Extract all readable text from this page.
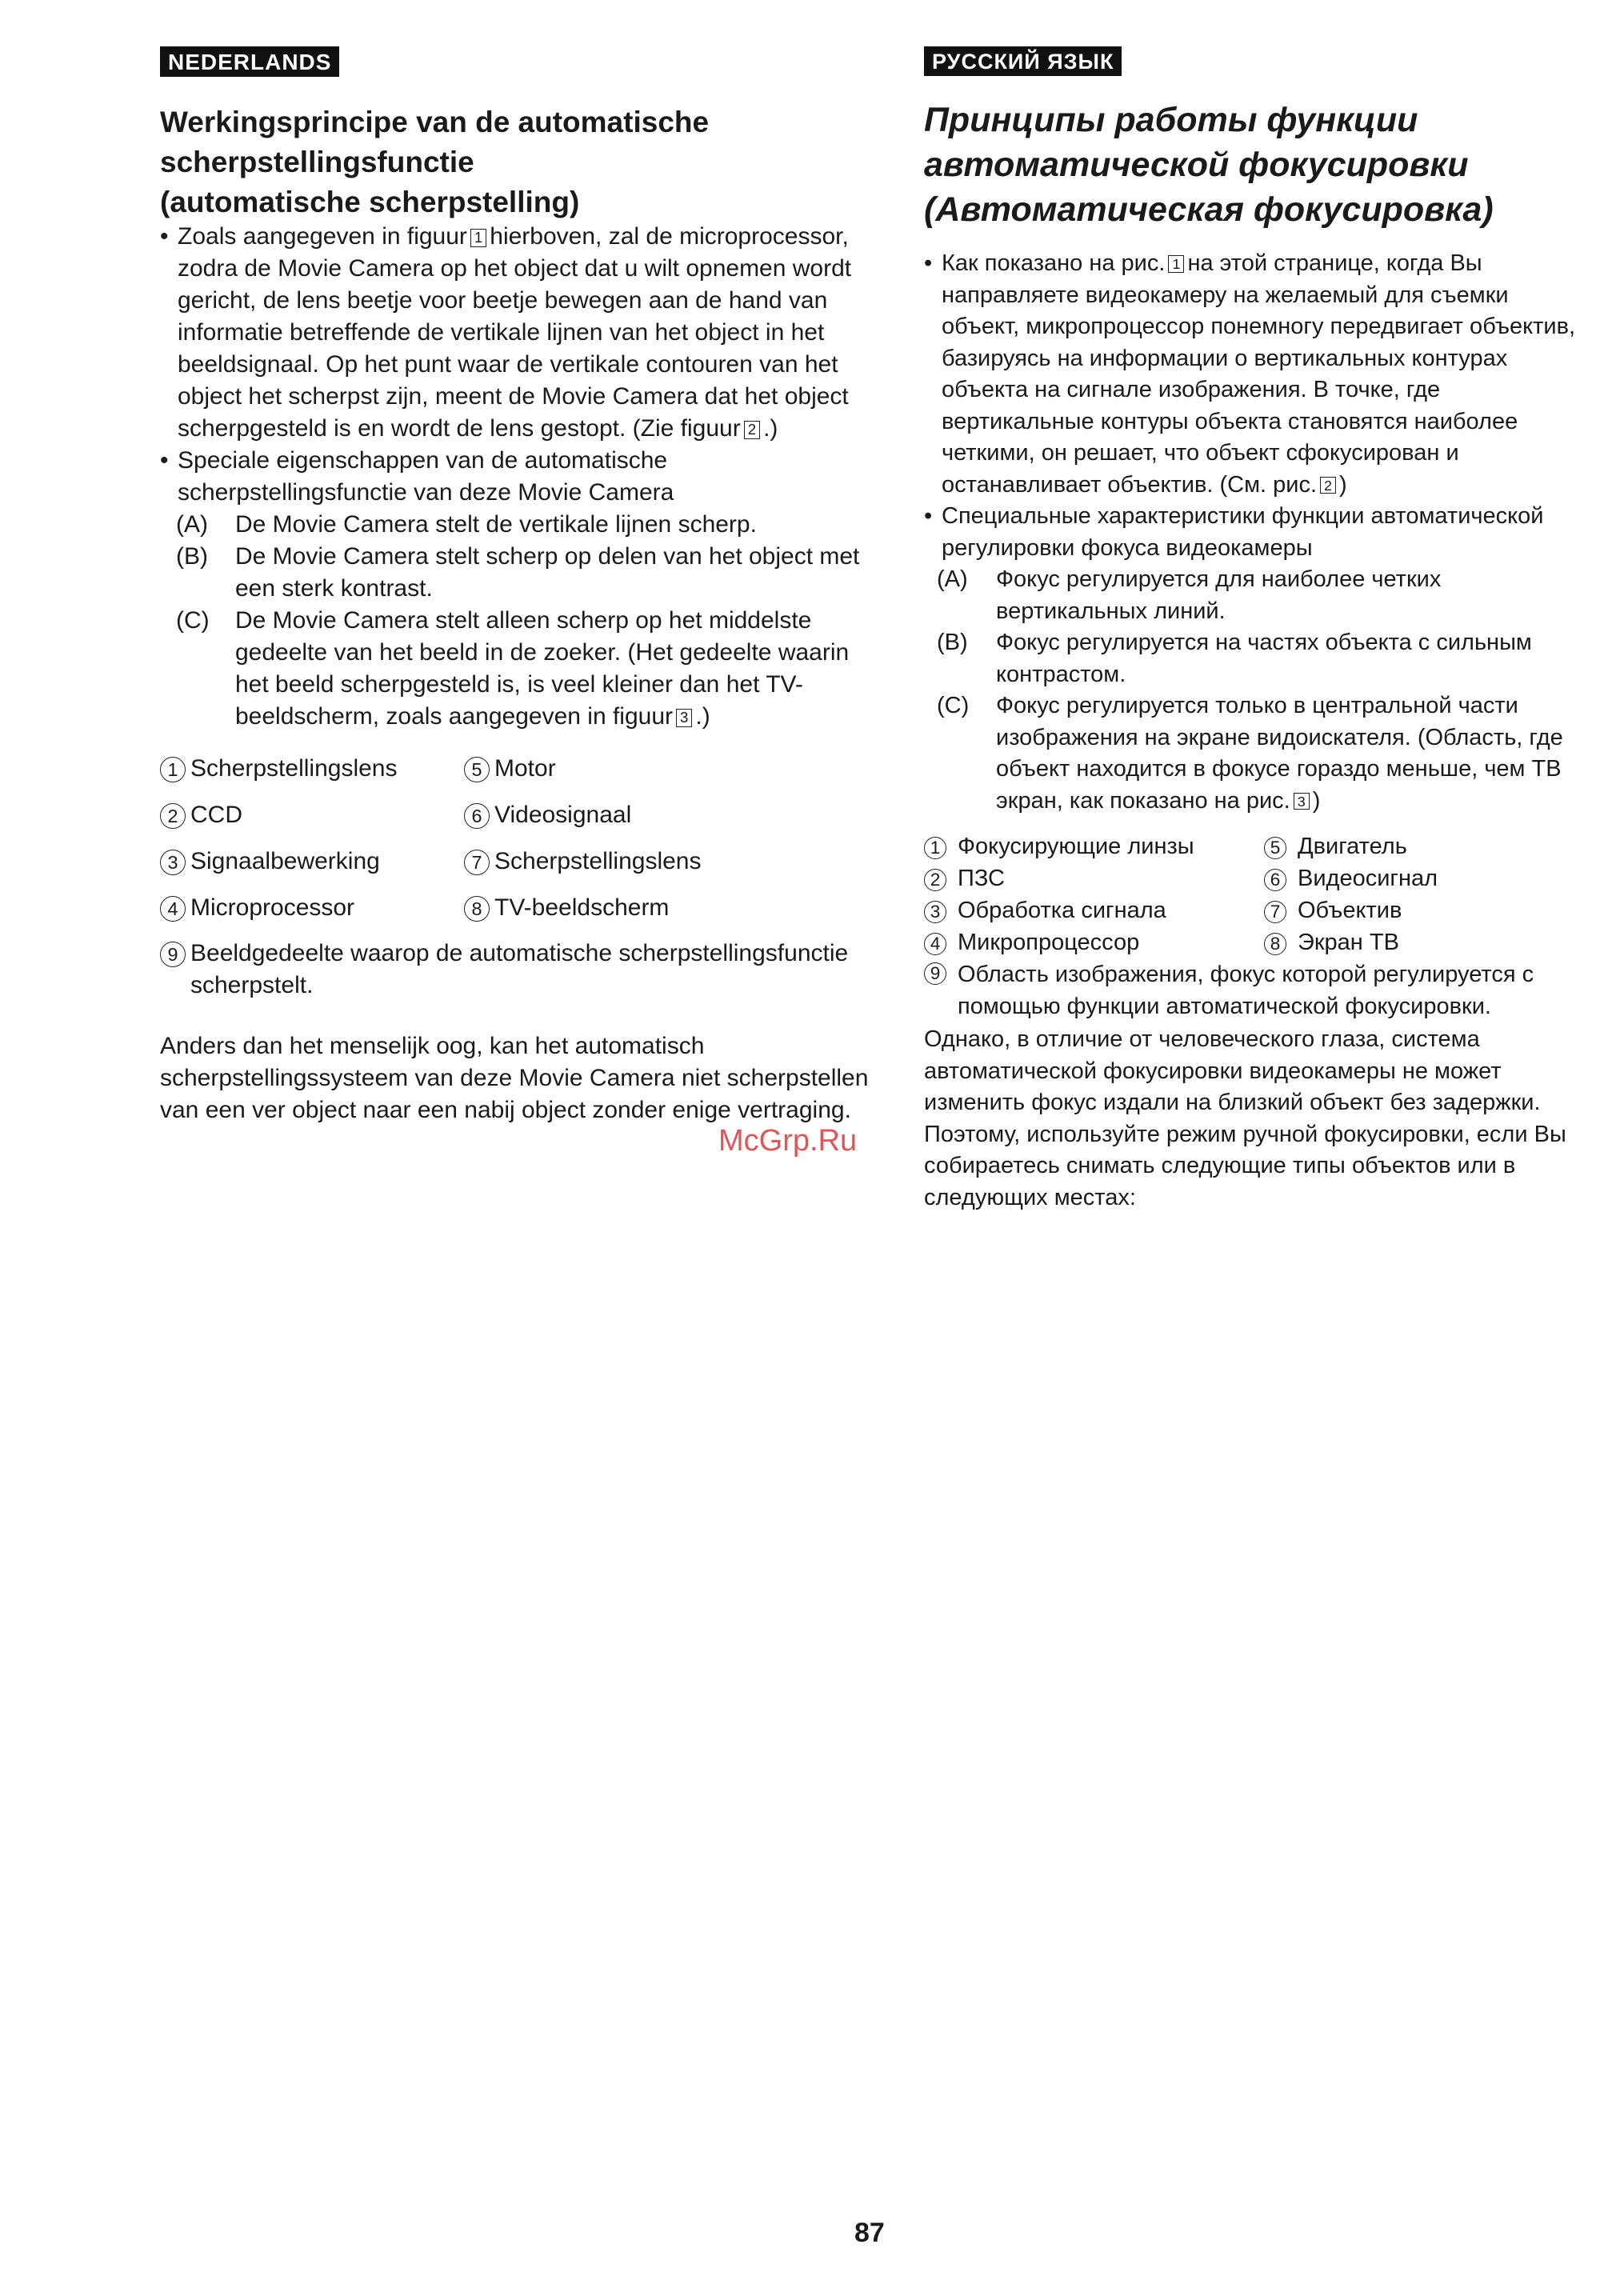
NEDERLANDS
Werkingsprincipe van de automatische
scherpstellingsfunctie
(automatische scherpstelling)

• Zoals aangegeven in figuur 1 hierboven, zal de microprocessor, zodra de Movie Camera op het object dat u wilt opnemen wordt gericht, de lens beetje voor beetje bewegen aan de hand van informatie betreffende de vertikale lijnen van het object in het beeldsignaal. Op het punt waar de vertikale contouren van het object het scherpst zijn, meent de Movie Camera dat het object scherpgesteld is en wordt de lens gestopt. (Zie figuur 2 .)

• Speciale eigenschappen van de automatische scherpstellingsfunctie van deze Movie Camera

(A)	De Movie Camera stelt de vertikale lijnen scherp.
(B)	De Movie Camera stelt scherp op delen van het object met een sterk kontrast.
(C)	De Movie Camera stelt alleen scherp op het middelste gedeelte van het beeld in de zoeker. (Het gedeelte waarin het beeld scherpgesteld is, is veel kleiner dan het TV-beeldscherm, zoals aangegeven in figuur 3 .)
1 Scherpstellingslens	5 Motor
2 CCD	6 Videosignaal
3 Signaalbewerking	7 Scherpstellingslens
4 Microprocessor	8 TV-beeldscherm
9 Beeldgedeelte waarop de automatische scherpstellingsfunctie scherpstelt.

Anders dan het menselijk oog, kan het automatisch scherpstellingssysteem van deze Movie Camera niet scherpstellen van een ver object naar een nabij object zonder enige vertraging.

РУССКИЙ ЯЗЫК
Принципы работы функции
автоматической фокусировки
(Автоматическая фокусировка)

• Как показано на рис. 1 на этой странице, когда Вы направляете видеокамеру на желаемый для съемки объект, микропроцессор понемногу передвигает объектив, базируясь на информации о вертикальных контурах объекта на сигнале изображения. В точке, где вертикальные контуры объекта становятся наиболее четкими, он решает, что объект сфокусирован и останавливает объектив. (См. рис. 2 )

• Специальные характеристики функции автоматической регулировки фокуса видеокамеры

(A)	Фокус регулируется для наиболее четких вертикальных линий.
(B)	Фокус регулируется на частях объекта с сильным контрастом.
(C)	Фокус регулируется только в центральной части изображения на экране видоискателя. (Область, где объект находится в фокусе гораздо меньше, чем ТВ экран, как показано на рис. 3 )
1 Фокусирующие линзы	5 Двигатель
2 ПЗС	6 Видеосигнал
3 Обработка сигнала	7 Объектив
4 Микропроцессор	8 Экран ТВ
9 Область изображения, фокус которой регулируется с помощью функции автоматической фокусировки.

Однако, в отличие от человеческого глаза, система автоматической фокусировки видеокамеры не может изменить фокус издали на близкий объект без задержки. Поэтому, используйте режим ручной фокусировки, если Вы собираетесь снимать следующие типы объектов или в следующих местах:

McGrp.Ru
87
